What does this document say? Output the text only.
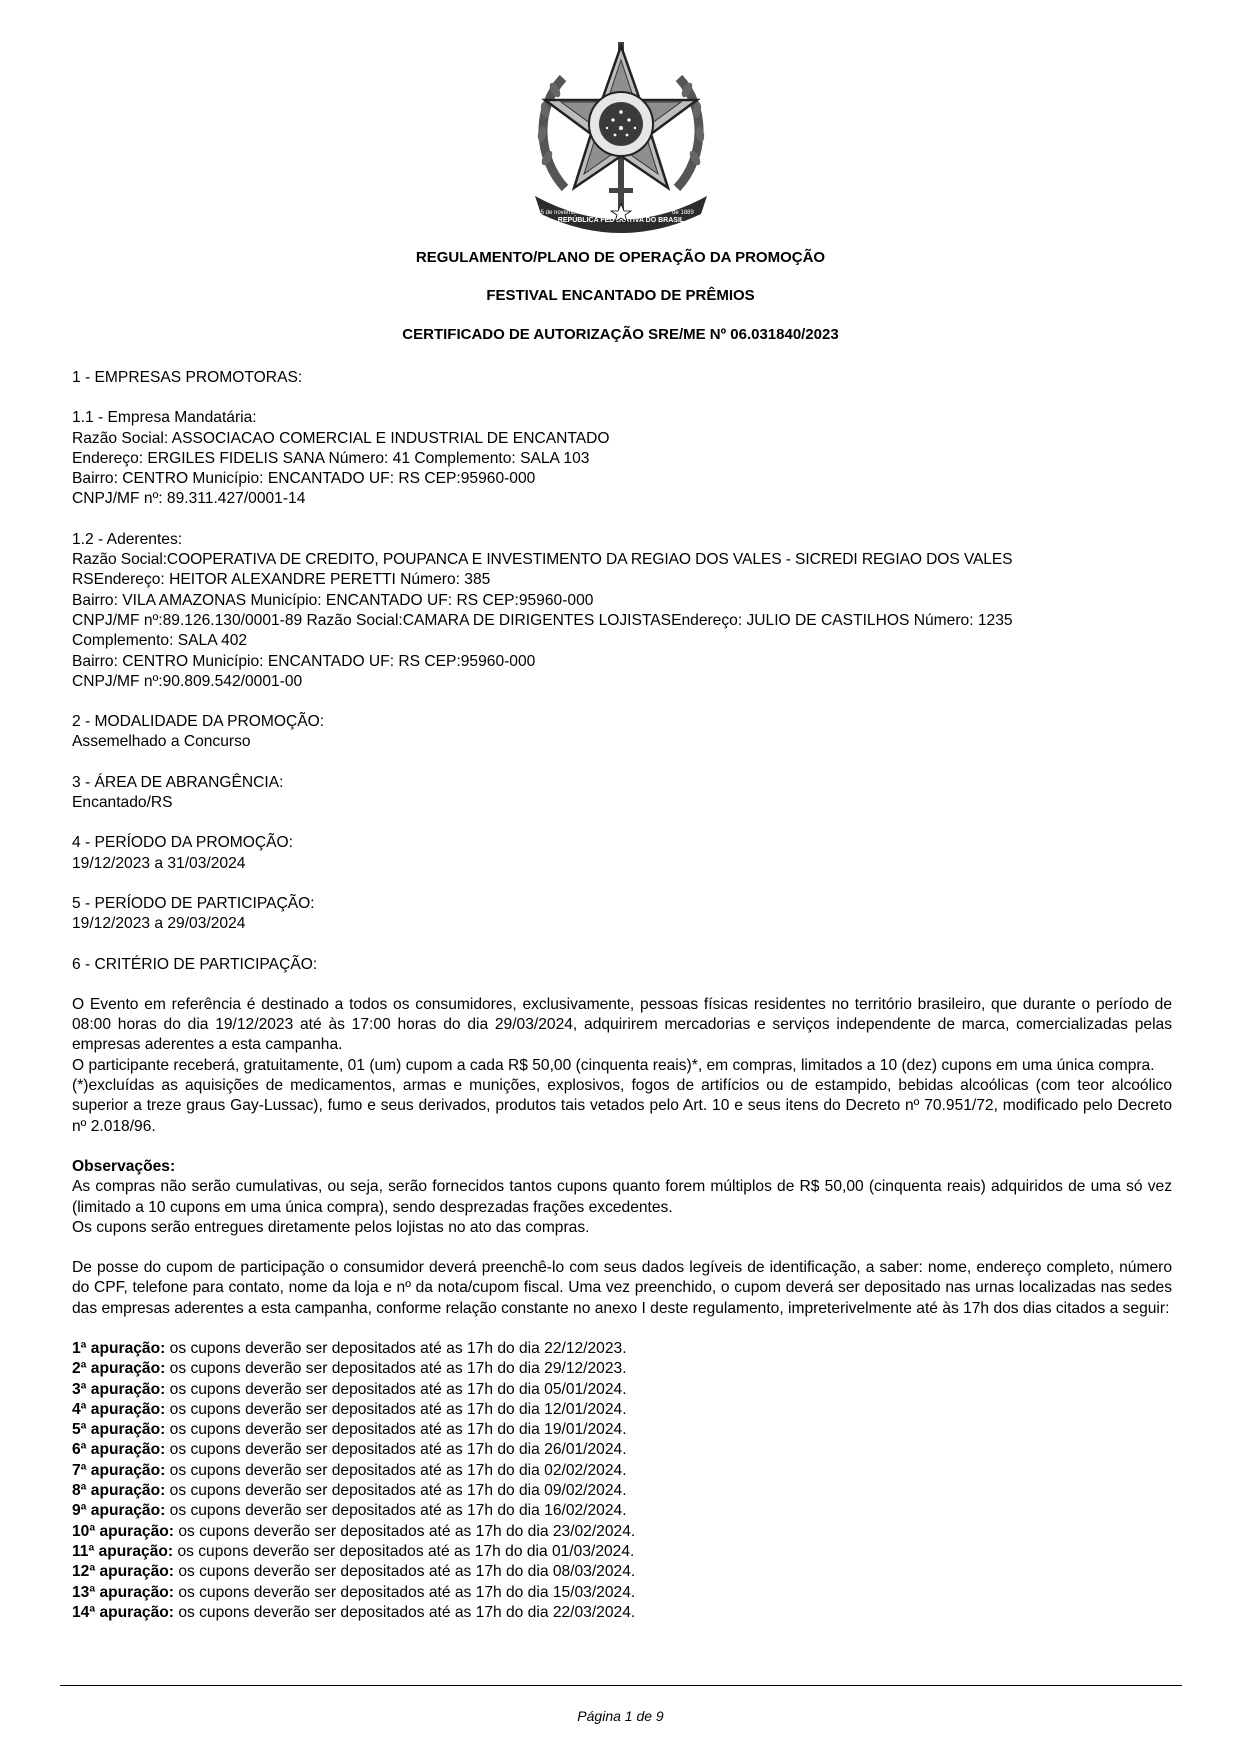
REPÚBLICA FEDERATIVA DO BRASIL
15 de novembro	de 1889
REGULAMENTO/PLANO DE OPERAÇÃO DA PROMOÇÃO
FESTIVAL ENCANTADO DE PRÊMIOS
CERTIFICADO DE AUTORIZAÇÃO SRE/ME Nº 06.031840/2023

1 - EMPRESAS PROMOTORAS:

1.1 - Empresa Mandatária:

Razão Social: ASSOCIACAO COMERCIAL E INDUSTRIAL DE ENCANTADO

Endereço: ERGILES FIDELIS SANA Número: 41 Complemento: SALA 103

Bairro: CENTRO Município: ENCANTADO UF: RS CEP:95960-000

CNPJ/MF nº: 89.311.427/0001-14

1.2 - Aderentes:

Razão Social:COOPERATIVA DE CREDITO, POUPANCA E INVESTIMENTO DA REGIAO DOS VALES - SICREDI REGIAO DOS VALES

RSEndereço: HEITOR ALEXANDRE PERETTI Número: 385

Bairro: VILA AMAZONAS Município: ENCANTADO UF: RS CEP:95960-000

CNPJ/MF nº:89.126.130/0001-89 Razão Social:CAMARA DE DIRIGENTES LOJISTASEndereço: JULIO DE CASTILHOS Número: 1235

Complemento: SALA 402

Bairro: CENTRO Município: ENCANTADO UF: RS CEP:95960-000

CNPJ/MF nº:90.809.542/0001-00

2 - MODALIDADE DA PROMOÇÃO:

Assemelhado a Concurso

3 - ÁREA DE ABRANGÊNCIA:

Encantado/RS

4 - PERÍODO DA PROMOÇÃO:

19/12/2023 a 31/03/2024

5 - PERÍODO DE PARTICIPAÇÃO:

19/12/2023 a 29/03/2024

6 - CRITÉRIO DE PARTICIPAÇÃO:

O Evento em referência é destinado a todos os consumidores, exclusivamente, pessoas físicas residentes no território brasileiro, que durante o período de 08:00 horas do dia 19/12/2023 até às 17:00 horas do dia 29/03/2024, adquirirem mercadorias e serviços independente de marca, comercializadas pelas empresas aderentes a esta campanha.

O participante receberá, gratuitamente, 01 (um) cupom a cada R$ 50,00 (cinquenta reais)*, em compras, limitados a 10 (dez) cupons em uma única compra.

(*)excluídas as aquisições de medicamentos, armas e munições, explosivos, fogos de artifícios ou de estampido, bebidas alcoólicas (com teor alcoólico superior a treze graus Gay-Lussac), fumo e seus derivados, produtos tais vetados pelo Art. 10 e seus itens do Decreto nº 70.951/72, modificado pelo Decreto nº 2.018/96.

Observações:

As compras não serão cumulativas, ou seja, serão fornecidos tantos cupons quanto forem múltiplos de R$ 50,00 (cinquenta reais) adquiridos de uma só vez (limitado a 10 cupons em uma única compra), sendo desprezadas frações excedentes.

Os cupons serão entregues diretamente pelos lojistas no ato das compras.

De posse do cupom de participação o consumidor deverá preenchê-lo com seus dados legíveis de identificação, a saber: nome, endereço completo, número do CPF, telefone para contato, nome da loja e nº da nota/cupom fiscal. Uma vez preenchido, o cupom deverá ser depositado nas urnas localizadas nas sedes das empresas aderentes a esta campanha, conforme relação constante no anexo I deste regulamento, impreterivelmente até às 17h dos dias citados a seguir:

1ª apuração: os cupons deverão ser depositados até as 17h do dia 22/12/2023.

2ª apuração: os cupons deverão ser depositados até as 17h do dia 29/12/2023.

3ª apuração: os cupons deverão ser depositados até as 17h do dia 05/01/2024.

4ª apuração: os cupons deverão ser depositados até as 17h do dia 12/01/2024.

5ª apuração: os cupons deverão ser depositados até as 17h do dia 19/01/2024.

6ª apuração: os cupons deverão ser depositados até as 17h do dia 26/01/2024.

7ª apuração: os cupons deverão ser depositados até as 17h do dia 02/02/2024.

8ª apuração: os cupons deverão ser depositados até as 17h do dia 09/02/2024.

9ª apuração: os cupons deverão ser depositados até as 17h do dia 16/02/2024.

10ª apuração: os cupons deverão ser depositados até as 17h do dia 23/02/2024.

11ª apuração: os cupons deverão ser depositados até as 17h do dia 01/03/2024.

12ª apuração: os cupons deverão ser depositados até as 17h do dia 08/03/2024.

13ª apuração: os cupons deverão ser depositados até as 17h do dia 15/03/2024.

14ª apuração: os cupons deverão ser depositados até as 17h do dia 22/03/2024.

Página 1 de 9
